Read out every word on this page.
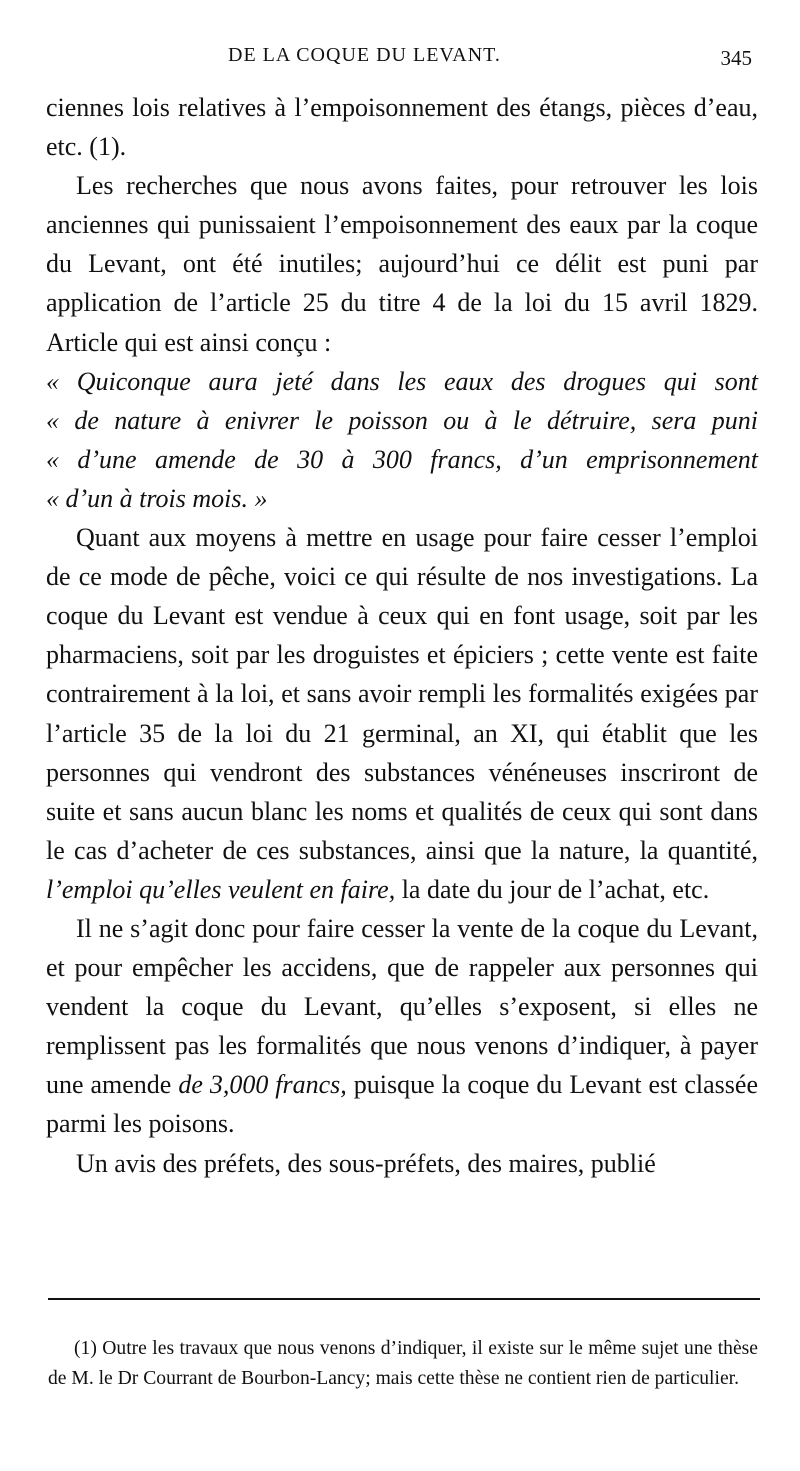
DE LA COQUE DU LEVANT.	345

ciennes lois relatives à l’empoisonnement des étangs, pièces d’eau, etc. (1).

Les recherches que nous avons faites, pour retrouver les lois anciennes qui punissaient l’empoisonnement des eaux par la coque du Levant, ont été inutiles; aujourd’hui ce délit est puni par application de l’article 25 du titre 4 de la loi du 15 avril 1829. Article qui est ainsi conçu :

« Quiconque aura jeté dans les eaux des drogues qui sont
« de nature à enivrer le poisson ou à le détruire, sera puni
« d’une amende de 30 à 300 francs, d’un emprisonnement
« d’un à trois mois. »

Quant aux moyens à mettre en usage pour faire cesser l’emploi de ce mode de pêche, voici ce qui résulte de nos investigations. La coque du Levant est vendue à ceux qui en font usage, soit par les pharmaciens, soit par les droguistes et épiciers ; cette vente est faite contrairement à la loi, et sans avoir rempli les formalités exigées par l’article 35 de la loi du 21 germinal, an XI, qui établit que les personnes qui vendront des substances vénéneuses inscriront de suite et sans aucun blanc les noms et qualités de ceux qui sont dans le cas d’acheter de ces substances, ainsi que la nature, la quantité, l’emploi qu’elles veulent en faire, la date du jour de l’achat, etc.

Il ne s’agit donc pour faire cesser la vente de la coque du Levant, et pour empêcher les accidens, que de rappeler aux personnes qui vendent la coque du Levant, qu’elles s’exposent, si elles ne remplissent pas les formalités que nous venons d’indiquer, à payer une amende de 3,000 francs, puisque la coque du Levant est classée parmi les poisons.

Un avis des préfets, des sous-préfets, des maires, publié

(1) Outre les travaux que nous venons d’indiquer, il existe sur le même sujet une thèse de M. le Dr Courrant de Bourbon-Lancy; mais cette thèse ne contient rien de particulier.
